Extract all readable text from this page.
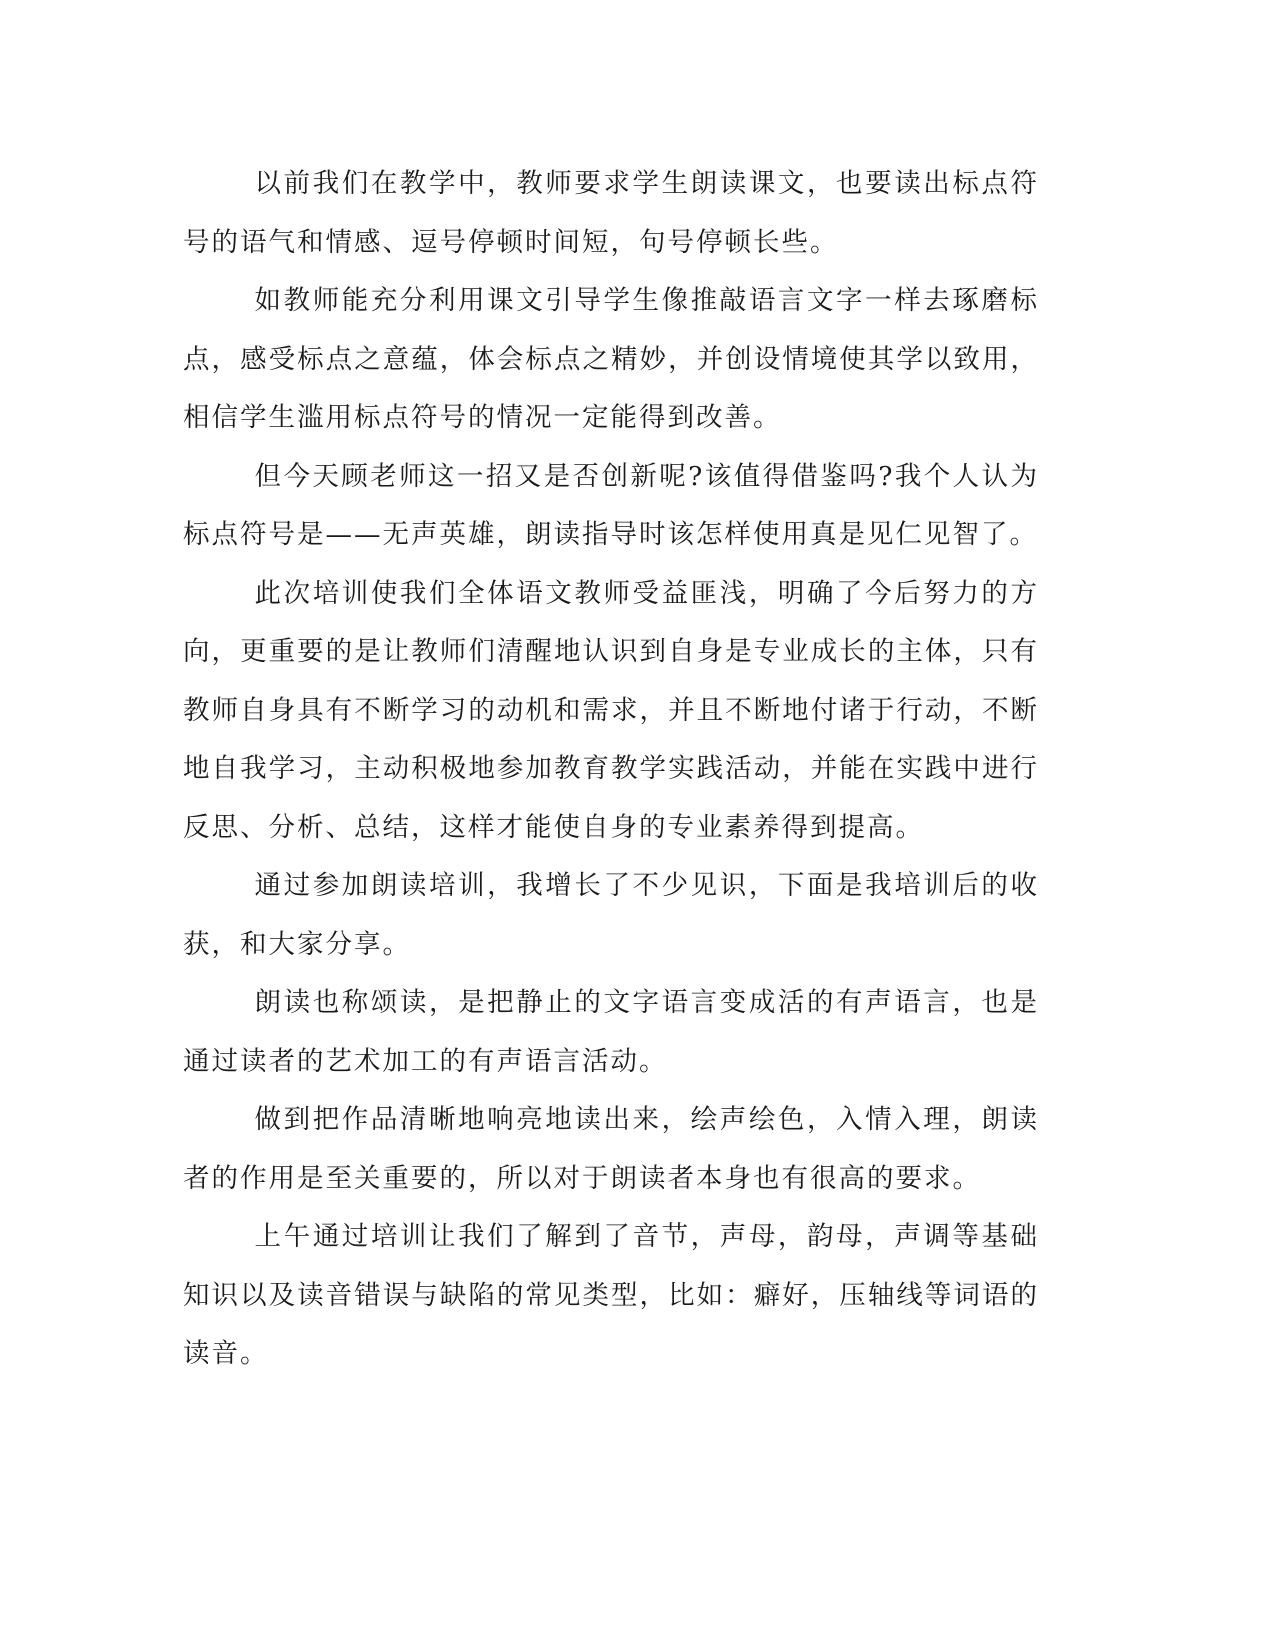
以前我们在教学中，教师要求学生朗读课文，也要读出标点符号的语气和情感、逗号停顿时间短，句号停顿长些。

如教师能充分利用课文引导学生像推敲语言文字一样去琢磨标点，感受标点之意蕴，体会标点之精妙，并创设情境使其学以致用，相信学生滥用标点符号的情况一定能得到改善。

但今天顾老师这一招又是否创新呢?该值得借鉴吗?我个人认为标点符号是——无声英雄，朗读指导时该怎样使用真是见仁见智了。

此次培训使我们全体语文教师受益匪浅，明确了今后努力的方向，更重要的是让教师们清醒地认识到自身是专业成长的主体，只有教师自身具有不断学习的动机和需求，并且不断地付诸于行动，不断地自我学习，主动积极地参加教育教学实践活动，并能在实践中进行反思、分析、总结，这样才能使自身的专业素养得到提高。

通过参加朗读培训，我增长了不少见识，下面是我培训后的收获，和大家分享。

朗读也称颂读，是把静止的文字语言变成活的有声语言，也是通过读者的艺术加工的有声语言活动。

做到把作品清晰地响亮地读出来，绘声绘色，入情入理，朗读者的作用是至关重要的，所以对于朗读者本身也有很高的要求。

上午通过培训让我们了解到了音节，声母，韵母，声调等基础知识以及读音错误与缺陷的常见类型，比如：癖好，压轴线等词语的读音。
